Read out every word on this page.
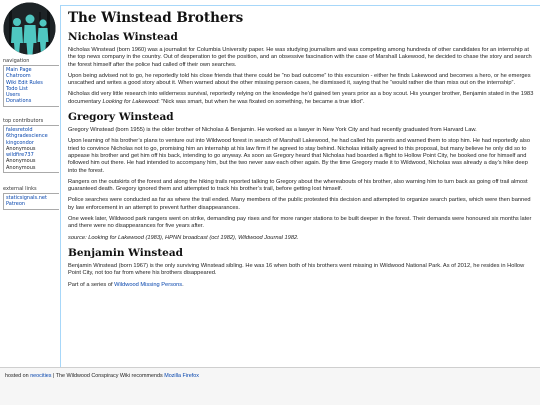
navigation
Main Page
Chatroom
Wiki Edit Rules
Todo List
Users
Donations
top contributors
falesretold
6thgradescience
kingcondor
Anonymous
wildfire737
Anonymous
Anonymous
external links
staticsignals.net
Patreon
The Winstead Brothers
Nicholas Winstead

Nicholas Winstead (born 1960) was a journalist for Columbia University paper. He was studying journalism and was competing among hundreds of other candidates for an internship at the top news company in the country. Out of desperation to get the position, and an obsessive fascination with the case of Marshall Lakewood, he decided to chase the story and search the forest himself after the police had called off their own searches.

Upon being advised not to go, he reportedly told his close friends that there could be “no bad outcome” to this excursion - either he finds Lakewood and becomes a hero, or he emerges unscathed and writes a good story about it. When warned about the other missing person cases, he dismissed it, saying that he “would rather die than miss out on the internship”.

Nicholas did very little research into wilderness survival, reportedly relying on the knowledge he’d gained ten years prior as a boy scout. His younger brother, Benjamin stated in the 1983 documentary Looking for Lakewood: “Nick was smart, but when he was fixated on something, he became a true idiot”.

Gregory Winstead

Gregory Winstead (born 1955) is the older brother of Nicholas & Benjamin. He worked as a lawyer in New York City and had recently graduated from Harvard Law.

Upon learning of his brother’s plans to venture out into Wildwood forest in search of Marshall Lakewood, he had called his parents and warned them to stop him. He had reportedly also tried to convince Nicholas not to go, promising him an internship at his law firm if he agreed to stay behind. Nicholas initially agreed to this proposal, but many believe he only did so to appease his brother and get him off his back, intending to go anyway. As soon as Gregory heard that Nicholas had boarded a flight to Hollow Point City, he booked one for himself and followed him out there. He had intended to accompany him, but the two never saw each other again. By the time Gregory made it to Wildwood, Nicholas was already a day’s hike deep into the forest.

Rangers on the outskirts of the forest and along the hiking trails reported talking to Gregory about the whereabouts of his brother, also warning him to turn back as going off trail almost guaranteed death. Gregory ignored them and attempted to track his brother’s trail, before getting lost himself.

Police searches were conducted as far as where the trail ended. Many members of the public protested this decision and attempted to organize search parties, which were then banned by law enforcement in an attempt to prevent further disappearances.

One week later, Wildwood park rangers went on strike, demanding pay rises and for more ranger stations to be built deeper in the forest. Their demands were honoured six months later and there were no disappearances for five years after.

source: Looking for Lakewood (1983), HPNN broadcast (oct 1982), Wildwood Journal 1982.

Benjamin Winstead

Benjamin Winstead (born 1967) is the only surviving Winstead sibling. He was 16 when both of his brothers went missing in Wildwood National Park. As of 2012, he resides in Hollow Point City, not too far from where his brothers disappeared.

Part of a series of Wildwood Missing Persons.

hosted on neocities | The Wildwood Conspiracy Wiki recommends Mozilla Firefox
